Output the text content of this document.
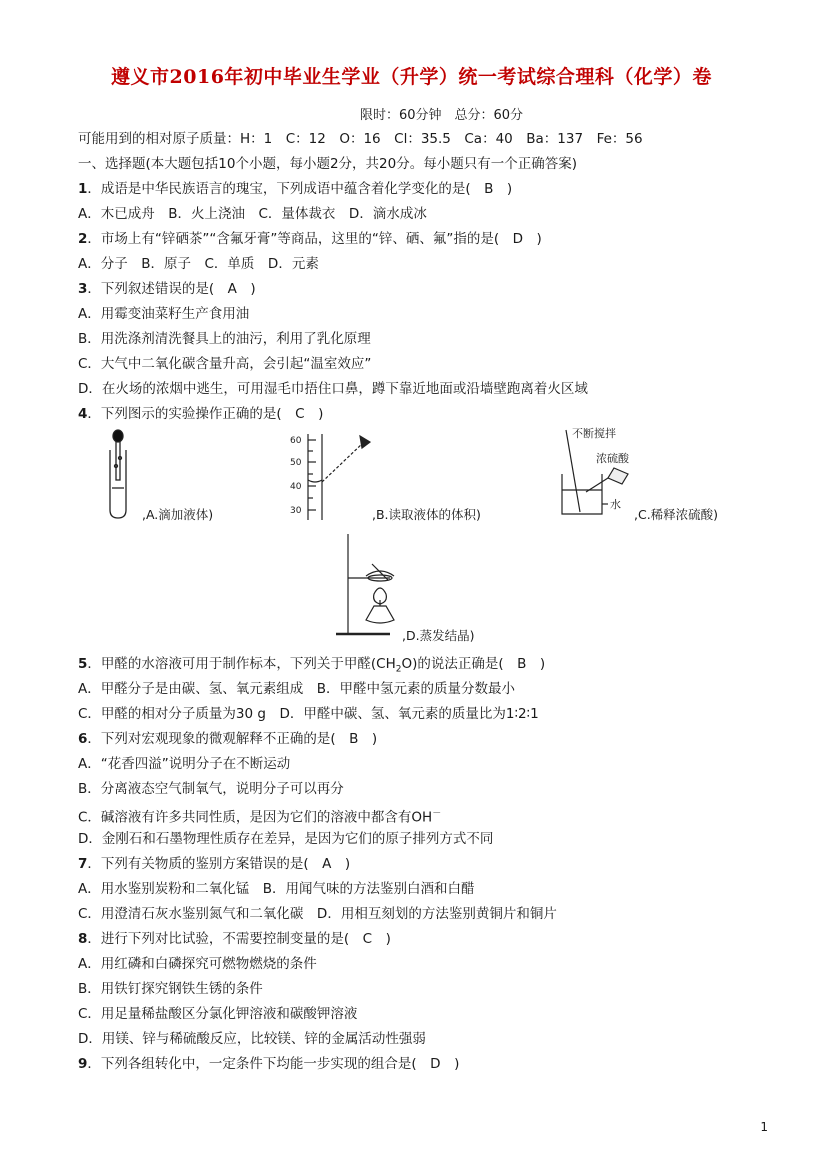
遵义市2016年初中毕业生学业（升学）统一考试综合理科（化学）卷
限时：60分钟　总分：60分
可能用到的相对原子质量：H：1　C：12　O：16　Cl：35.5　Ca：40　Ba：137　Fe：56
一、选择题(本大题包括10个小题，每小题2分，共20分。每小题只有一个正确答案)
1．成语是中华民族语言的瑰宝，下列成语中蕴含着化学变化的是(　B　)
A．木已成舟　B．火上浇油　C．量体裁衣　D．滴水成冰
2．市场上有“锌硒茶”“含氟牙膏”等商品，这里的“锌、硒、氟”指的是(　D　)
A．分子　B．原子　C．单质　D．元素
3．下列叙述错误的是(　A　)
A．用霉变油菜籽生产食用油
B．用洗涤剂清洗餐具上的油污，利用了乳化原理
C．大气中二氧化碳含量升高，会引起“温室效应”
D．在火场的浓烟中逃生，可用湿毛巾捂住口鼻，蹲下靠近地面或沿墙壁跑离着火区域
4．下列图示的实验操作正确的是(　C　)
,A.滴加液体)
60
50
40
30	,B.读取液体的体积)
不断搅拌
浓硫酸
水
,C.稀释浓硫酸)
,D.蒸发结晶)
5．甲醛的水溶液可用于制作标本，下列关于甲醛$(CH_2O)$的说法正确是(　B　)
A．甲醛分子是由碳、氢、氧元素组成　B．甲醛中氢元素的质量分数最小
C．甲醛的相对分子质量为30 g　D．甲醛中碳、氢、氧元素的质量比为1∶2∶1
6．下列对宏观现象的微观解释不正确的是(　B　)
A．“花香四溢”说明分子在不断运动
B．分离液态空气制氧气，说明分子可以再分
C．碱溶液有许多共同性质，是因为它们的溶液中都含有OH－
D．金刚石和石墨物理性质存在差异，是因为它们的原子排列方式不同
7．下列有关物质的鉴别方案错误的是(　A　)
A．用水鉴别炭粉和二氧化锰　B．用闻气味的方法鉴别白酒和白醋
C．用澄清石灰水鉴别氮气和二氧化碳　D．用相互刻划的方法鉴别黄铜片和铜片
8．进行下列对比试验，不需要控制变量的是(　C　)
A．用红磷和白磷探究可燃物燃烧的条件
B．用铁钉探究钢铁生锈的条件
C．用足量稀盐酸区分氯化钾溶液和碳酸钾溶液
D．用镁、锌与稀硫酸反应，比较镁、锌的金属活动性强弱
9．下列各组转化中，一定条件下均能一步实现的组合是(　D　)
1
